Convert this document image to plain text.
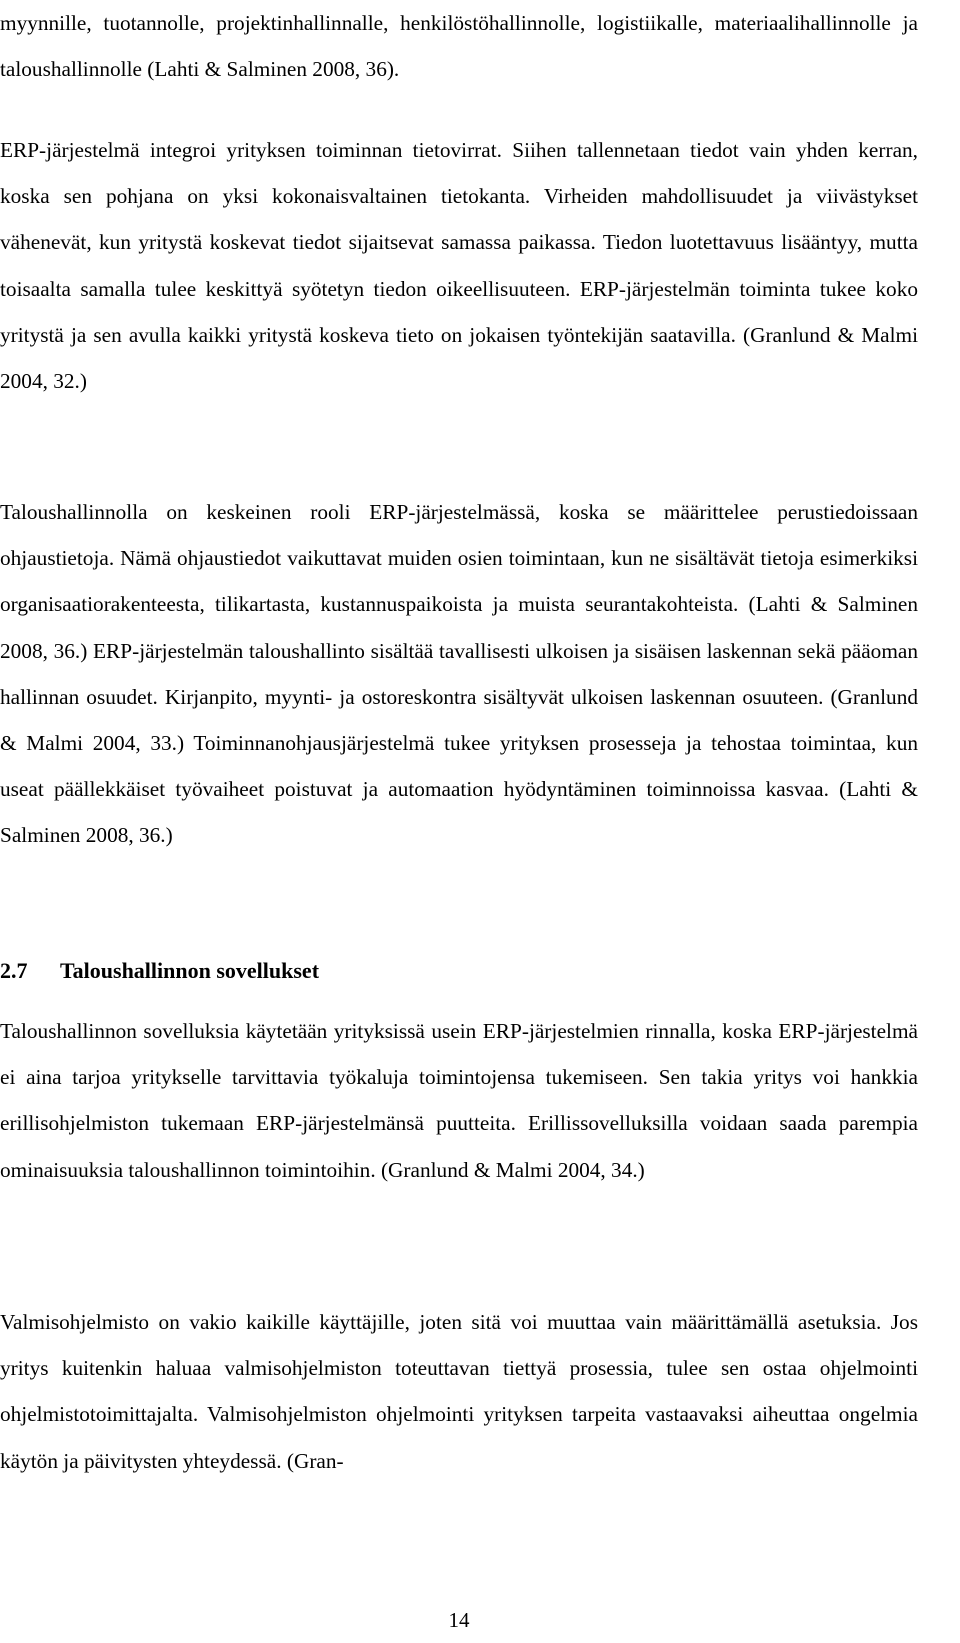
myynnille, tuotannolle, projektinhallinnalle, henkilöstöhallinnolle, logistiikalle, materiaalihallinnolle ja taloushallinnolle (Lahti & Salminen 2008, 36).

ERP-järjestelmä integroi yrityksen toiminnan tietovirrat. Siihen tallennetaan tiedot vain yhden kerran, koska sen pohjana on yksi kokonaisvaltainen tietokanta. Virheiden mahdollisuudet ja viivästykset vähenevät, kun yritystä koskevat tiedot sijaitsevat samassa paikassa. Tiedon luotettavuus lisääntyy, mutta toisaalta samalla tulee keskittyä syötetyn tiedon oikeellisuuteen. ERP-järjestelmän toiminta tukee koko yritystä ja sen avulla kaikki yritystä koskeva tieto on jokaisen työntekijän saatavilla. (Granlund & Malmi 2004, 32.)

Taloushallinnolla on keskeinen rooli ERP-järjestelmässä, koska se määrittelee perustiedoissaan ohjaustietoja. Nämä ohjaustiedot vaikuttavat muiden osien toimintaan, kun ne sisältävät tietoja esimerkiksi organisaatiorakenteesta, tilikartasta, kustannuspaikoista ja muista seurantakohteista. (Lahti & Salminen 2008, 36.) ERP-järjestelmän taloushallinto sisältää tavallisesti ulkoisen ja sisäisen laskennan sekä pääoman hallinnan osuudet. Kirjanpito, myynti- ja ostoreskontra sisältyvät ulkoisen laskennan osuuteen. (Granlund & Malmi 2004, 33.) Toiminnanohjausjärjestelmä tukee yrityksen prosesseja ja tehostaa toimintaa, kun useat päällekkäiset työvaiheet poistuvat ja automaation hyödyntäminen toiminnoissa kasvaa. (Lahti & Salminen 2008, 36.)

2.7 Taloushallinnon sovellukset

Taloushallinnon sovelluksia käytetään yrityksissä usein ERP-järjestelmien rinnalla, koska ERP-järjestelmä ei aina tarjoa yritykselle tarvittavia työkaluja toimintojensa tukemiseen. Sen takia yritys voi hankkia erillisohjelmiston tukemaan ERP-järjestelmänsä puutteita. Erillissovelluksilla voidaan saada parempia ominaisuuksia taloushallinnon toimintoihin. (Granlund & Malmi 2004, 34.)

Valmisohjelmisto on vakio kaikille käyttäjille, joten sitä voi muuttaa vain määrittämällä asetuksia. Jos yritys kuitenkin haluaa valmisohjelmiston toteuttavan tiettyä prosessia, tulee sen ostaa ohjelmointi ohjelmistotoimittajalta. Valmisohjelmiston ohjelmointi yrityksen tarpeita vastaavaksi aiheuttaa ongelmia käytön ja päivitysten yhteydessä. (Gran-

14
